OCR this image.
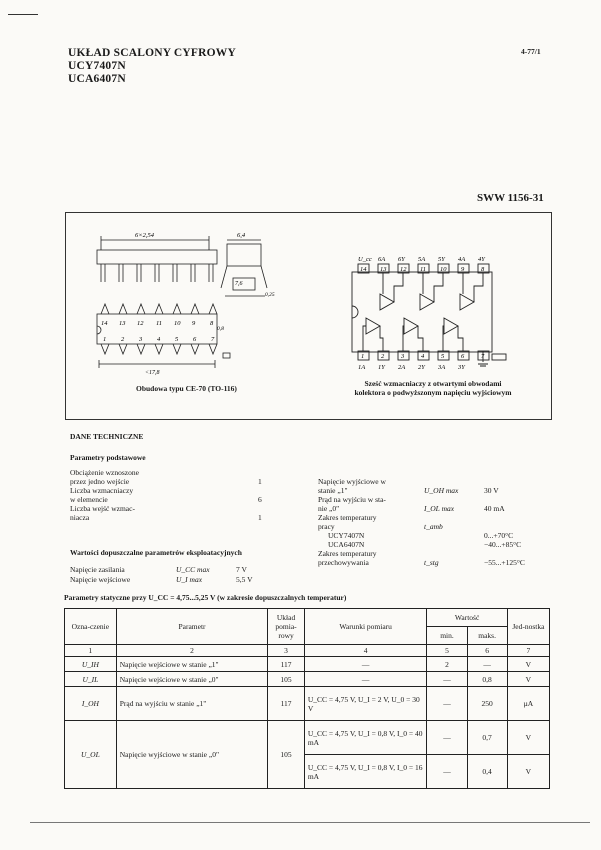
UKŁAD SCALONY CYFROWY
UCY7407N
UCA6407N
4-77/1
SWW 1156-31
6×2,54	6,4
7,6
0,25
0,8
<17,8
14 13 12 11 10 9 8
1 2 3 4 5 6 7
U_cc 6A 6Y 5A 5Y 4A 4Y
14 13 12 11 10 9	8
1	2	3	4	5	6	7
1A 1Y 2A 2Y 3A 3Y
Obudowa typu CE-70 (TO-116)
Sześć wzmacniaczy z otwartymi obwodami
kolektora o podwyższonym napięciu wyjściowym
DANE TECHNICZNE
Parametry podstawowe
Obciążenie wznoszone
przez jedno wejście	1
Liczba wzmacniaczy
w elemencie	6
Liczba wejść wzmac-
niacza	1
Napięcie wyjściowe w
stanie „1"	U_OH max	30 V
Prąd na wyjściu w sta-
nie „0"	I_OL max	40 mA
Zakres temperatury
pracy	t_amb
UCY7407N	0...+70°C
UCA6407N	−40...+85°C
Zakres temperatury
przechowywania	t_stg	−55...+125°C
Wartości dopuszczalne parametrów eksploatacyjnych
Napięcie zasilania	U_CC max	7 V
Napięcie wejściowe	U_I max	5,5 V
Parametry statyczne przy U_CC = 4,75...5,25 V (w zakresie dopuszczalnych temperatur)
Ozna-czenie	Parametr	Układ pomia-rowy	Warunki pomiaru	Wartość		Jed-nostka
				min.	maks.	
1	2	3	4	5	6	7
U_IH	Napięcie wejściowe w stanie „1"	117	—	2	—	V
U_IL	Napięcie wejściowe w stanie „0"	105	—	—	0,8	V
I_OH	Prąd na wyjściu w stanie „1"	117	U_CC = 4,75 V, U_I = 2 V, U_0 = 30 V	—	250	µA
U_OL	Napięcie wyjściowe w stanie „0"	105	U_CC = 4,75 V, U_I = 0,8 V, I_0 = 40 mA	—	0,7	V
			U_CC = 4,75 V, U_I = 0,8 V, I_0 = 16 mA	—	0,4	V
